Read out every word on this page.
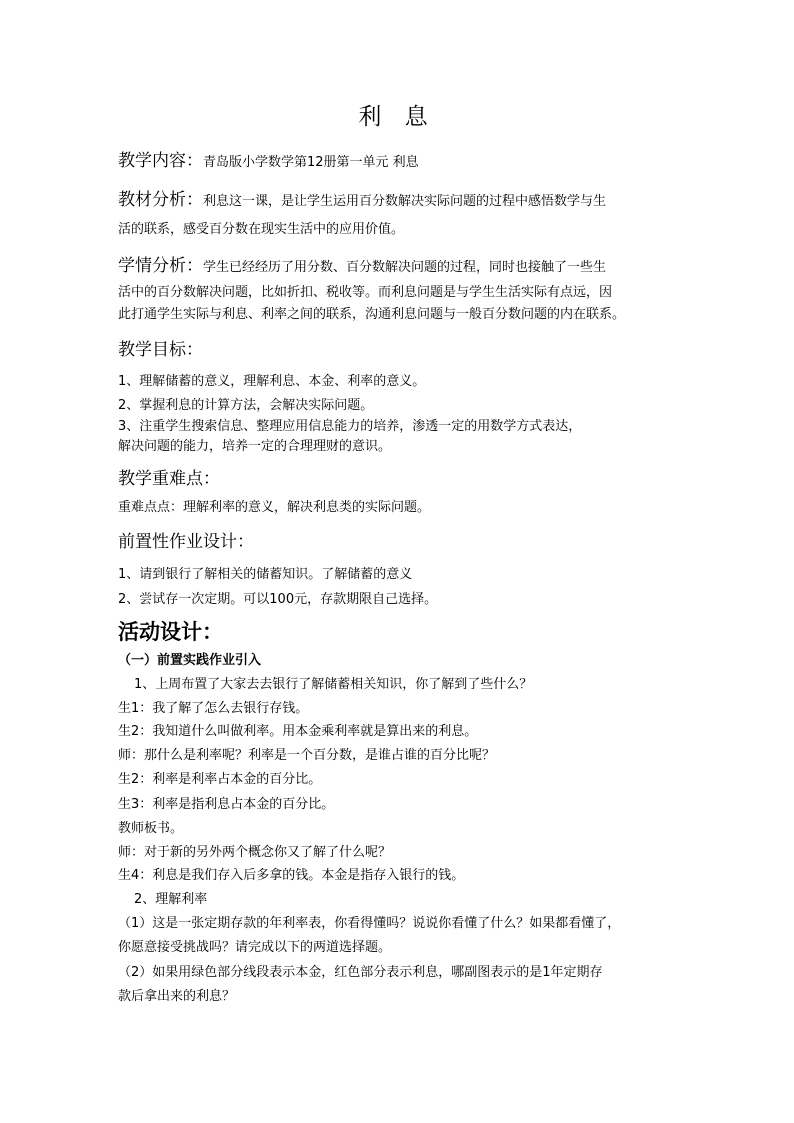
利 息
教学内容：青岛版小学数学第12册第一单元 利息
教材分析：利息这一课，是让学生运用百分数解决实际问题的过程中感悟数学与生
活的联系，感受百分数在现实生活中的应用价值。
学情分析：学生已经经历了用分数、百分数解决问题的过程，同时也接触了一些生
活中的百分数解决问题，比如折扣、税收等。而利息问题是与学生生活实际有点远，因
此打通学生实际与利息、利率之间的联系，沟通利息问题与一般百分数问题的内在联系。
教学目标：
1、理解储蓄的意义，理解利息、本金、利率的意义。
2、掌握利息的计算方法，会解决实际问题。
3、注重学生搜索信息、整理应用信息能力的培养，渗透一定的用数学方式表达，
解决问题的能力，培养一定的合理理财的意识。
教学重难点：
重难点点：理解利率的意义，解决利息类的实际问题。
前置性作业设计：
1、请到银行了解相关的储蓄知识。了解储蓄的意义
2、尝试存一次定期。可以100元，存款期限自己选择。
活动设计：
（一）前置实践作业引入
1、上周布置了大家去去银行了解储蓄相关知识，你了解到了些什么？
生1：我了解了怎么去银行存钱。
生2：我知道什么叫做利率。用本金乘利率就是算出来的利息。
师：那什么是利率呢？利率是一个百分数，是谁占谁的百分比呢？
生2：利率是利率占本金的百分比。
生3：利率是指利息占本金的百分比。
教师板书。
师：对于新的另外两个概念你又了解了什么呢？
生4：利息是我们存入后多拿的钱。本金是指存入银行的钱。
2、理解利率
（1）这是一张定期存款的年利率表，你看得懂吗？说说你看懂了什么？如果都看懂了，
你愿意接受挑战吗？请完成以下的两道选择题。
（2）如果用绿色部分线段表示本金，红色部分表示利息，哪副图表示的是1年定期存
款后拿出来的利息？
